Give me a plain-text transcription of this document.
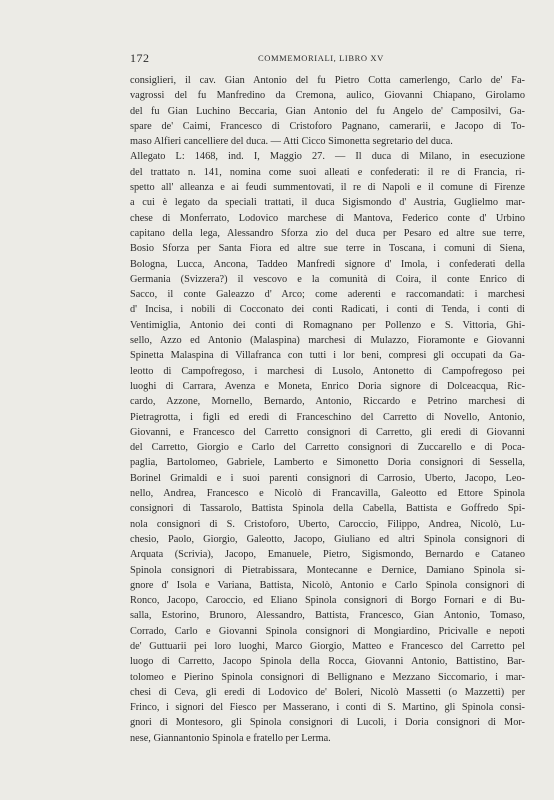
172	COMMEMORIALI, LIBRO XV
consiglieri, il cav. Gian Antonio del fu Pietro Cotta camerlengo, Carlo de' Fa-
vagrossi del fu Manfredino da Cremona, aulico, Giovanni Chiapano, Girolamo
del fu Gian Luchino Beccaria, Gian Antonio del fu Angelo de' Camposilvi, Ga-
spare de' Caimi, Francesco di Cristoforo Pagnano, camerarii, e Jacopo di To-
maso Alfieri cancelliere del duca. — Atti Cicco Simonetta segretario del duca.
Allegato L: 1468, ind. I, Maggio 27. — Il duca di Milano, in esecuzione
del trattato n. 141, nomina come suoi alleati e confederati: il re di Francia, ri-
spetto all' alleanza e ai feudi summentovati, il re di Napoli e il comune di Firenze
a cui è legato da speciali trattati, il duca Sigismondo d' Austria, Guglielmo mar-
chese di Monferrato, Lodovico marchese di Mantova, Federico conte d' Urbino
capitano della lega, Alessandro Sforza zio del duca per Pesaro ed altre sue terre,
Bosio Sforza per Santa Fiora ed altre sue terre in Toscana, i comuni di Siena,
Bologna, Lucca, Ancona, Taddeo Manfredi signore d' Imola, i confederati della
Germania (Svizzera?) il vescovo e la comunità di Coira, il conte Enrico di
Sacco, il conte Galeazzo d' Arco; come aderenti e raccomandati: i marchesi
d' Incisa, i nobili di Cocconato dei conti Radicati, i conti di Tenda, i conti di
Ventimiglia, Antonio dei conti di Romagnano per Pollenzo e S. Vittoria, Ghi-
sello, Azzo ed Antonio (Malaspina) marchesi di Mulazzo, Fioramonte e Giovanni
Spinetta Malaspina di Villafranca con tutti i lor beni, compresi gli occupati da Ga-
leotto di Campofregoso, i marchesi di Lusolo, Antonetto di Campofregoso pei
luoghi di Carrara, Avenza e Moneta, Enrico Doria signore di Dolceacqua, Ric-
cardo, Azzone, Mornello, Bernardo, Antonio, Riccardo e Petrino marchesi di
Pietragrotta, i figli ed eredi di Franceschino del Carretto di Novello, Antonio,
Giovanni, e Francesco del Carretto consignori di Carretto, gli eredi di Giovanni
del Carretto, Giorgio e Carlo del Carretto consignori di Zuccarello e di Poca-
paglia, Bartolomeo, Gabriele, Lamberto e Simonetto Doria consignori di Sessella,
Borinel Grimaldi e i suoi parenti consignori di Carrosio, Uberto, Jacopo, Leo-
nello, Andrea, Francesco e Nicolò di Francavilla, Galeotto ed Ettore Spinola
consignori di Tassarolo, Battista Spinola della Cabella, Battista e Goffredo Spi-
nola consignori di S. Cristoforo, Uberto, Caroccio, Filippo, Andrea, Nicolò, Lu-
chesio, Paolo, Giorgio, Galeotto, Jacopo, Giuliano ed altri Spinola consignori di
Arquata (Scrivia), Jacopo, Emanuele, Pietro, Sigismondo, Bernardo e Cataneo
Spinola consignori di Pietrabissara, Montecanne e Dernice, Damiano Spinola si-
gnore d' Isola e Variana, Battista, Nicolò, Antonio e Carlo Spinola consignori di
Ronco, Jacopo, Caroccio, ed Eliano Spinola consignori di Borgo Fornari e di Bu-
salla, Estorino, Brunoro, Alessandro, Battista, Francesco, Gian Antonio, Tomaso,
Corrado, Carlo e Giovanni Spinola consignori di Mongiardino, Pricivalle e nepoti
de' Guttuarii pei loro luoghi, Marco Giorgio, Matteo e Francesco del Carretto pel
luogo di Carretto, Jacopo Spinola della Rocca, Giovanni Antonio, Battistino, Bar-
tolomeo e Pierino Spinola consignori di Bellignano e Mezzano Siccomario, i mar-
chesi di Ceva, gli eredi di Lodovico de' Boleri, Nicolò Massetti (o Mazzetti) per
Frinco, i signori del Fiesco per Masserano, i conti di S. Martino, gli Spinola consi-
gnori di Montesoro, gli Spinola consignori di Lucoli, i Doria consignori di Mor-
nese, Giannantonio Spinola e fratello per Lerma.
